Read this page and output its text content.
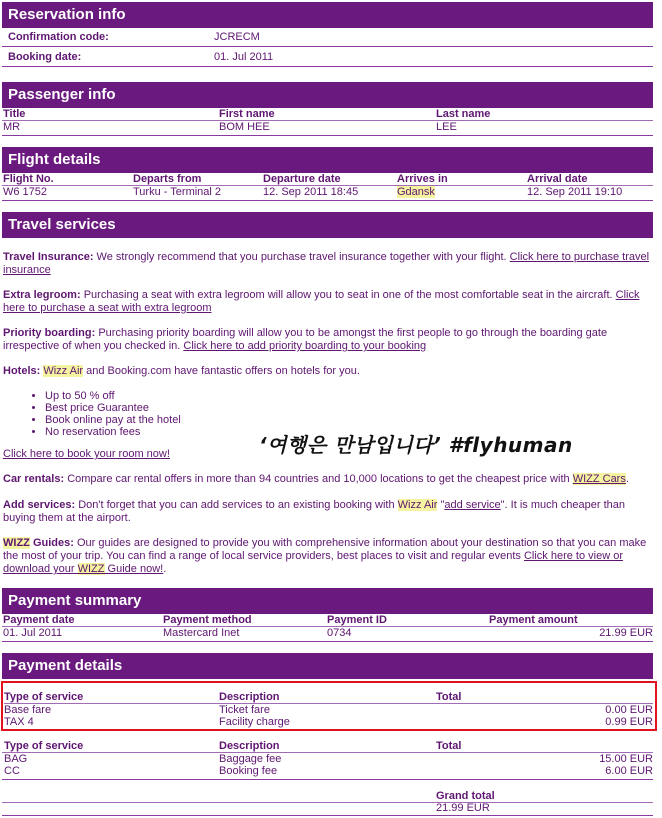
Reservation info
Confirmation code:	JCRECM
Booking date:	01. Jul 2011
Passenger info
Title	First name	Last name
MR	BOM HEE	LEE
Flight details
Flight No.	Departs from	Departure date	Arrives in	Arrival date
W6 1752	Turku - Terminal 2	12. Sep 2011 18:45	Gdansk	12. Sep 2011 19:10
Travel services
Travel Insurance: We strongly recommend that you purchase travel insurance together with your flight. Click here to purchase travel insurance
Extra legroom: Purchasing a seat with extra legroom will allow you to seat in one of the most comfortable seat in the aircraft. Click here to purchase a seat with extra legroom
Priority boarding: Purchasing priority boarding will allow you to be amongst the first people to go through the boarding gate irrespective of when you checked in. Click here to add priority boarding to your booking
Hotels: Wizz Air and Booking.com have fantastic offers on hotels for you.
• Up to 50 % off
• Best price Guarantee
• Book online pay at the hotel
• No reservation fees
Click here to book your room now!	‘여행은 만남입니다’ #flyhuman
Car rentals: Compare car rental offers in more than 94 countries and 10,000 locations to get the cheapest price with WIZZ Cars.
Add services: Don't forget that you can add services to an existing booking with Wizz Air "add service". It is much cheaper than buying them at the airport.
WIZZ Guides: Our guides are designed to provide you with comprehensive information about your destination so that you can make the most of your trip. You can find a range of local service providers, best places to visit and regular events Click here to view or download your WIZZ Guide now!.
Payment summary
Payment date	Payment method	Payment ID	Payment amount
01. Jul 2011	Mastercard Inet	0734	21.99 EUR
Payment details
Type of service	Description	Total
Base fare	Ticket fare	0.00 EUR
TAX 4	Facility charge	0.99 EUR
Type of service	Description	Total
BAG	Baggage fee	15.00 EUR
CC	Booking fee	6.00 EUR
Grand total
21.99 EUR
